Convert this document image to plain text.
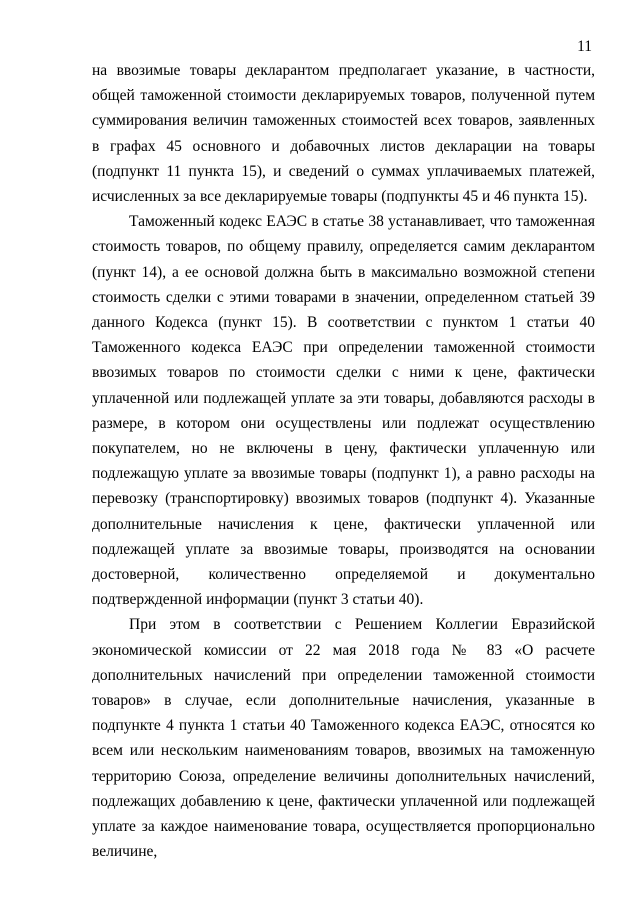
11

на ввозимые товары декларантом предполагает указание, в частности, общей таможенной стоимости декларируемых товаров, полученной путем суммирования величин таможенных стоимостей всех товаров, заявленных в графах 45 основного и добавочных листов декларации на товары (подпункт 11 пункта 15), и сведений о суммах уплачиваемых платежей, исчисленных за все декларируемые товары (подпункты 45 и 46 пункта 15).

Таможенный кодекс ЕАЭС в статье 38 устанавливает, что таможенная стоимость товаров, по общему правилу, определяется самим декларантом (пункт 14), а ее основой должна быть в максимально возможной степени стоимость сделки с этими товарами в значении, определенном статьей 39 данного Кодекса (пункт 15). В соответствии с пунктом 1 статьи 40 Таможенного кодекса ЕАЭС при определении таможенной стоимости ввозимых товаров по стоимости сделки с ними к цене, фактически уплаченной или подлежащей уплате за эти товары, добавляются расходы в размере, в котором они осуществлены или подлежат осуществлению покупателем, но не включены в цену, фактически уплаченную или подлежащую уплате за ввозимые товары (подпункт 1), а равно расходы на перевозку (транспортировку) ввозимых товаров (подпункт 4). Указанные дополнительные начисления к цене, фактически уплаченной или подлежащей уплате за ввозимые товары, производятся на основании достоверной, количественно определяемой и документально подтвержденной информации (пункт 3 статьи 40).

При этом в соответствии с Решением Коллегии Евразийской экономической комиссии от 22 мая 2018 года № 83 «О расчете дополнительных начислений при определении таможенной стоимости товаров» в случае, если дополнительные начисления, указанные в подпункте 4 пункта 1 статьи 40 Таможенного кодекса ЕАЭС, относятся ко всем или нескольким наименованиям товаров, ввозимых на таможенную территорию Союза, определение величины дополнительных начислений, подлежащих добавлению к цене, фактически уплаченной или подлежащей уплате за каждое наименование товара, осуществляется пропорционально величине,
